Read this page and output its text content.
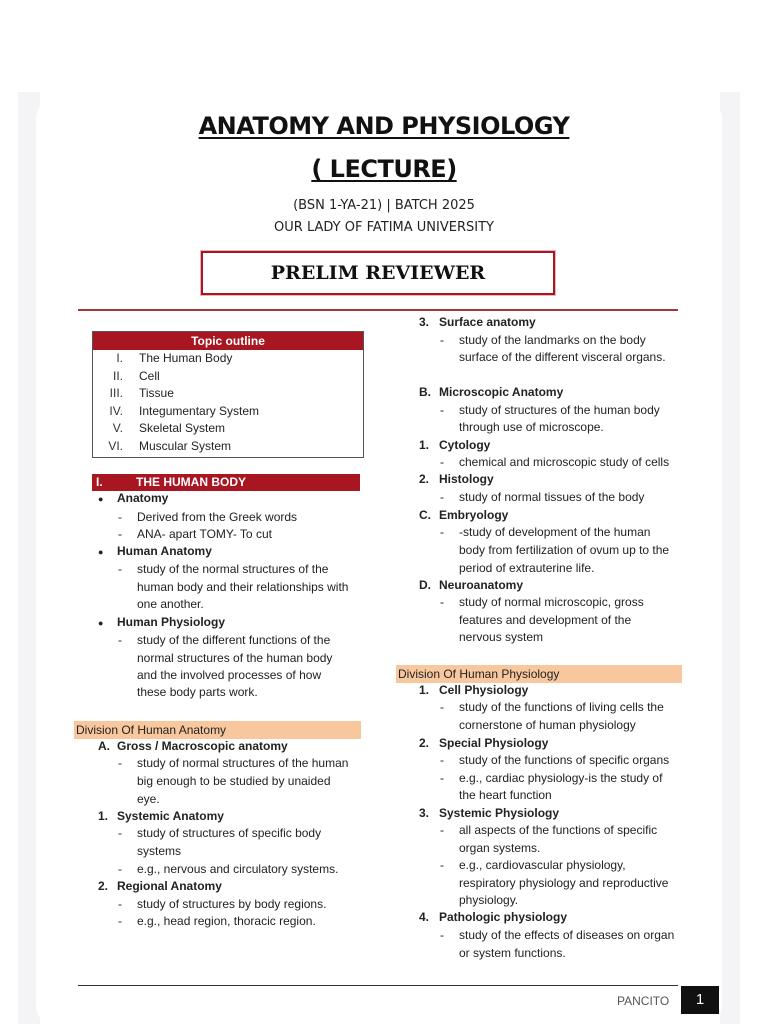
ANATOMY AND PHYSIOLOGY
( LECTURE)
(BSN 1-YA-21) | BATCH 2025
OUR LADY OF FATIMA UNIVERSITY
PRELIM REVIEWER
Topic outline
I. The Human Body
II. Cell
III. Tissue
IV. Integumentary System
V. Skeletal System
VI. Muscular System
I.	THE HUMAN BODY
● Anatomy
- Derived from the Greek words
- ANA- apart TOMY- To cut
● Human Anatomy
- study of the normal structures of the
human body and their relationships with
one another.
● Human Physiology
- study of the different functions of the
normal structures of the human body
and the involved processes of how
these body parts work.
Division Of Human Anatomy
A. Gross / Macroscopic anatomy
- study of normal structures of the human
big enough to be studied by unaided
eye.
1. Systemic Anatomy
- study of structures of specific body
systems
- e.g., nervous and circulatory systems.
2. Regional Anatomy
- study of structures by body regions.
- e.g., head region, thoracic region.
3. Surface anatomy
- study of the landmarks on the body
surface of the different visceral organs.
B. Microscopic Anatomy
- study of structures of the human body
through use of microscope.
1. Cytology
- chemical and microscopic study of cells
2. Histology
- study of normal tissues of the body
C. Embryology
- -study of development of the human
body from fertilization of ovum up to the
period of extrauterine life.
D. Neuroanatomy
- study of normal microscopic, gross
features and development of the
nervous system
Division Of Human Physiology
1. Cell Physiology
- study of the functions of living cells the
cornerstone of human physiology
2. Special Physiology
- study of the functions of specific organs
- e.g., cardiac physiology-is the study of
the heart function
3. Systemic Physiology
- all aspects of the functions of specific
organ systems.
- e.g., cardiovascular physiology,
respiratory physiology and reproductive
physiology.
4. Pathologic physiology
- study of the effects of diseases on organ
or system functions.
PANCITO	1
